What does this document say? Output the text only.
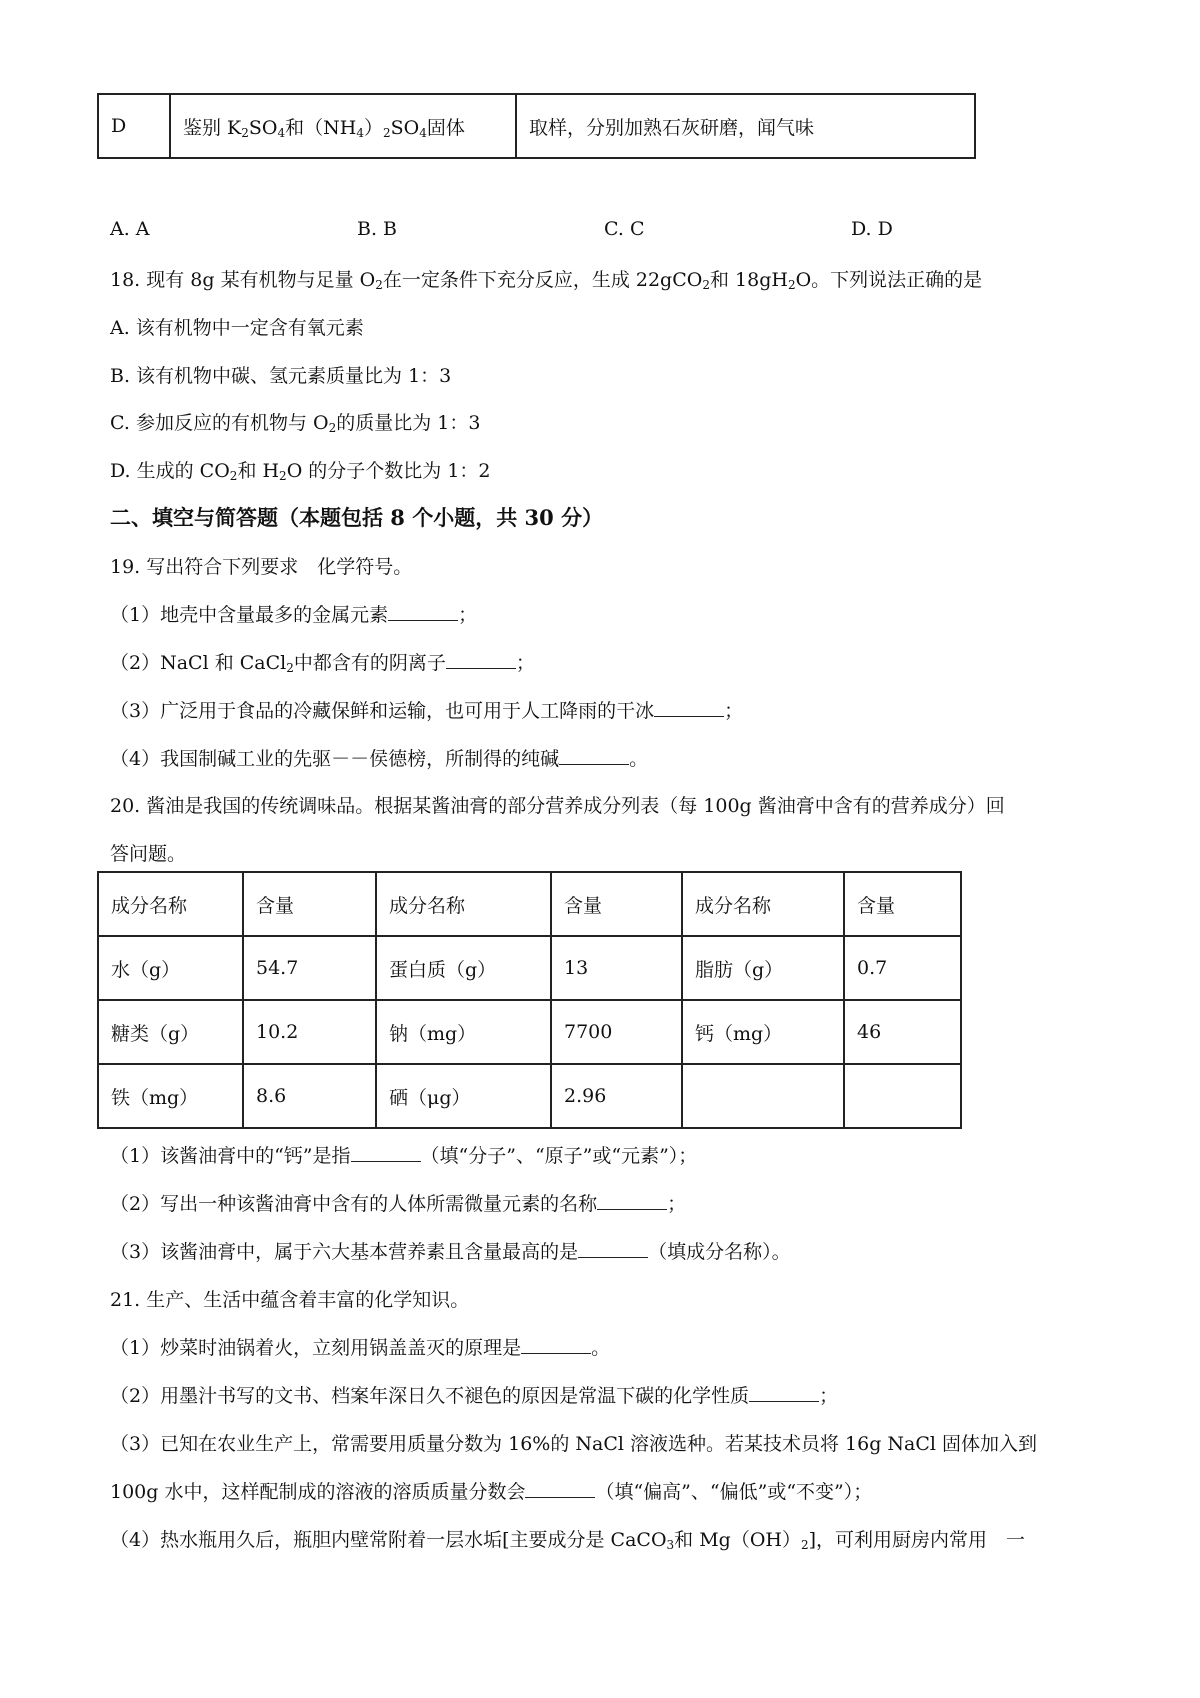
D	鉴别 $K_2SO_4$和$(NH_4)_2SO_4$固体	取样，分别加熟石灰研磨，闻气味
A. A	B. B	C. C	D. D
18. 现有 8g 某有机物与足量 $O_2$在一定条件下充分反应，生成 22gCO$_2$和 $18gH_2O$。下列说法正确的是
A. 该有机物中一定含有氧元素
B. 该有机物中碳、氢元素质量比为 1：3
C. 参加反应的有机物与 $O_2$的质量比为 1：3
D. 生成的 $CO_2$和 $H_2O$ 的分子个数比为 1：2
二、填空与简答题（本题包括 8 个小题，共 30 分）
19. 写出符合下列要求　化学符号。
（1）地壳中含量最多的金属元素	；
（2）NaCl 和 CaCl$_2$中都含有的阴离子	；
（3）广泛用于食品的冷藏保鲜和运输，也可用于人工降雨的干冰	；
（4）我国制碱工业的先驱－－侯德榜，所制得的纯碱	。
20. 酱油是我国的传统调味品。根据某酱油膏的部分营养成分列表（每 100g 酱油膏中含有的营养成分）回
答问题。
成分名称	含量	成分名称	含量	成分名称	含量
水（g）	54.7	蛋白质（g）	13	脂肪（g）	0.7
糖类（g）	10.2	钠（mg）	7700	钙（mg）	46
铁（mg）	8.6	硒（μg）	2.96		
（1）该酱油膏中的“钙”是指	（填“分子”、“原子”或“元素”）；
（2）写出一种该酱油膏中含有的人体所需微量元素的名称	；
（3）该酱油膏中，属于六大基本营养素且含量最高的是	（填成分名称）。
21. 生产、生活中蕴含着丰富的化学知识。
（1）炒菜时油锅着火，立刻用锅盖盖灭的原理是	。
（2）用墨汁书写的文书、档案年深日久不褪色的原因是常温下碳的化学性质	；
（3）已知在农业生产上，常需要用质量分数为 16%的 NaCl 溶液选种。若某技术员将 16g NaCl 固体加入到
100g 水中，这样配制成的溶液的溶质质量分数会	（填“偏高”、“偏低”或“不变”）；
（4）热水瓶用久后，瓶胆内壁常附着一层水垢[主要成分是 CaCO$_3$和 $Mg(OH)_2$]，可利用厨房内常用　一
